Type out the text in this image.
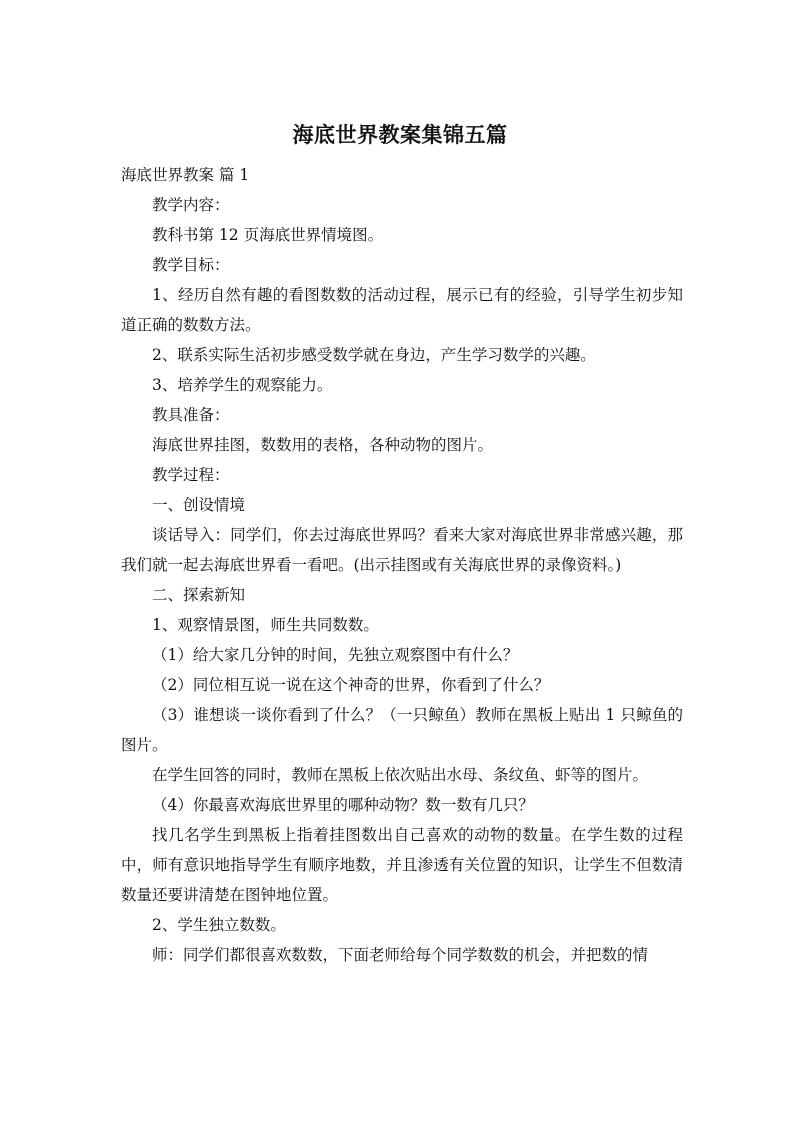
海底世界教案集锦五篇

海底世界教案 篇 1

教学内容：

教科书第 12 页海底世界情境图。

教学目标：

1、经历自然有趣的看图数数的活动过程，展示已有的经验，引导学生初步知道正确的数数方法。

2、联系实际生活初步感受数学就在身边，产生学习数学的兴趣。

3、培养学生的观察能力。

教具准备：

海底世界挂图，数数用的表格，各种动物的图片。

教学过程：

一、创设情境

谈话导入：同学们，你去过海底世界吗？看来大家对海底世界非常感兴趣，那我们就一起去海底世界看一看吧。(出示挂图或有关海底世界的录像资料。)

二、探索新知

1、观察情景图，师生共同数数。

（1）给大家几分钟的时间，先独立观察图中有什么？

（2）同位相互说一说在这个神奇的世界，你看到了什么？

（3）谁想谈一谈你看到了什么？（一只鲸鱼）教师在黑板上贴出 1 只鲸鱼的图片。

在学生回答的同时，教师在黑板上依次贴出水母、条纹鱼、虾等的图片。

（4）你最喜欢海底世界里的哪种动物？数一数有几只？

找几名学生到黑板上指着挂图数出自己喜欢的动物的数量。在学生数的过程中，师有意识地指导学生有顺序地数，并且渗透有关位置的知识，让学生不但数清数量还要讲清楚在图钟地位置。

2、学生独立数数。

师：同学们都很喜欢数数，下面老师给每个同学数数的机会，并把数的情
